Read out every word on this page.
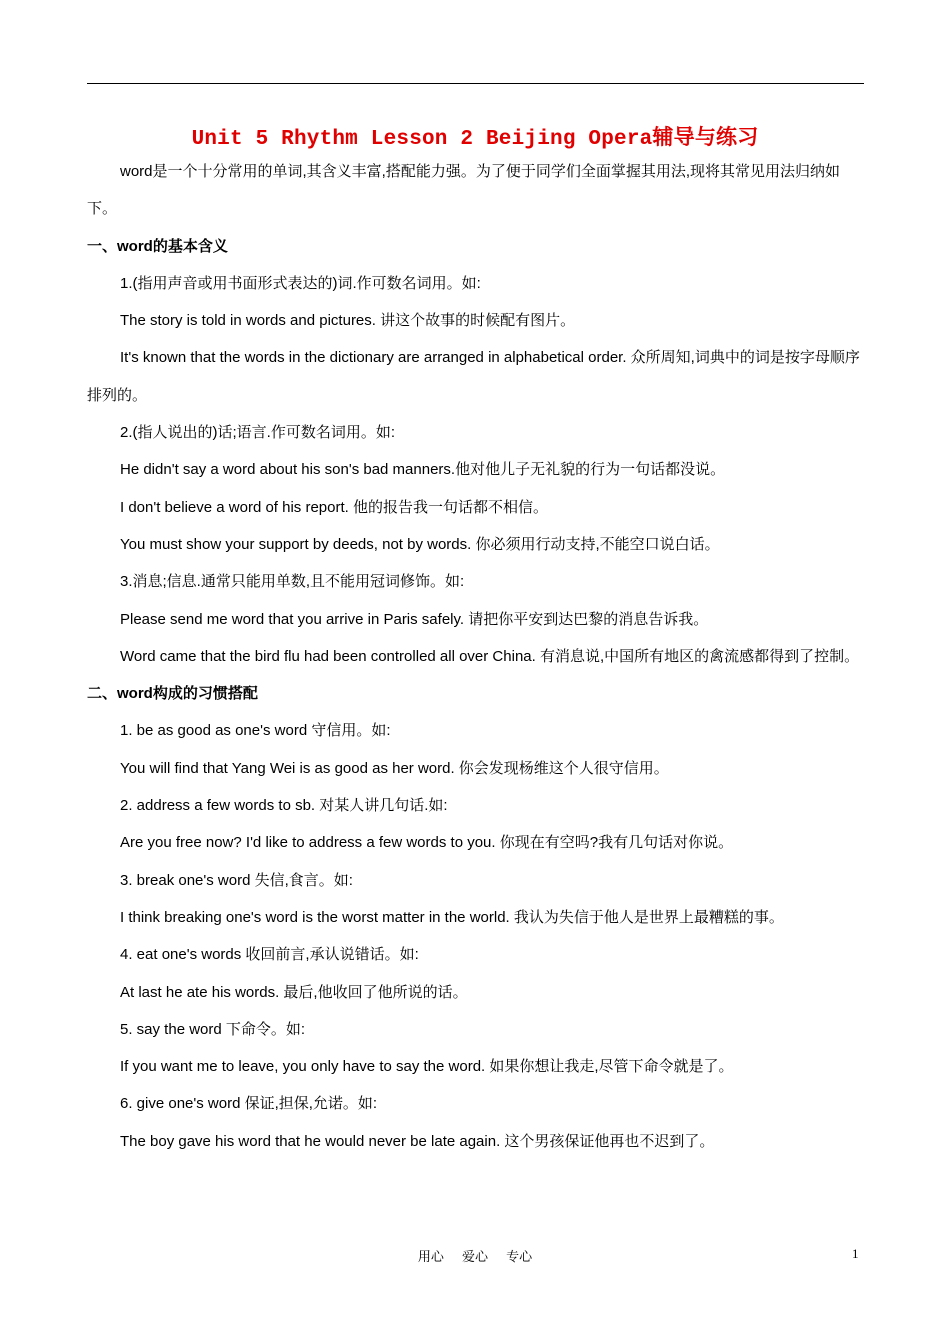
Unit 5 Rhythm Lesson 2 Beijing Opera辅导与练习

word是一个十分常用的单词,其含义丰富,搭配能力强。为了便于同学们全面掌握其用法,现将其常见用法归纳如下。

一、word的基本含义

1.(指用声音或用书面形式表达的)词.作可数名词用。如:

The story is told in words and pictures. 讲这个故事的时候配有图片。

It's known that the words in the dictionary are arranged in alphabetical order. 众所周知,词典中的词是按字母顺序排列的。

2.(指人说出的)话;语言.作可数名词用。如:

He didn't say a word about his son's bad manners.他对他儿子无礼貌的行为一句话都没说。

I don't believe a word of his report. 他的报告我一句话都不相信。

You must show your support by deeds, not by words. 你必须用行动支持,不能空口说白话。

3.消息;信息.通常只能用单数,且不能用冠词修饰。如:

Please send me word that you arrive in Paris safely. 请把你平安到达巴黎的消息告诉我。

Word came that the bird flu had been controlled all over China. 有消息说,中国所有地区的禽流感都得到了控制。

二、word构成的习惯搭配

1. be as good as one's word 守信用。如:

You will find that Yang Wei is as good as her word. 你会发现杨维这个人很守信用。

2. address a few words to sb. 对某人讲几句话.如:

Are you free now? I'd like to address a few words to you. 你现在有空吗?我有几句话对你说。

3. break one's word 失信,食言。如:

I think breaking one's word is the worst matter in the world. 我认为失信于他人是世界上最糟糕的事。

4. eat one's words 收回前言,承认说错话。如:

At last he ate his words. 最后,他收回了他所说的话。

5. say the word 下命令。如:

If you want me to leave, you only have to say the word. 如果你想让我走,尽管下命令就是了。

6. give one's word 保证,担保,允诺。如:

The boy gave his word that he would never be late again. 这个男孩保证他再也不迟到了。

用心 爱心 专心	1
